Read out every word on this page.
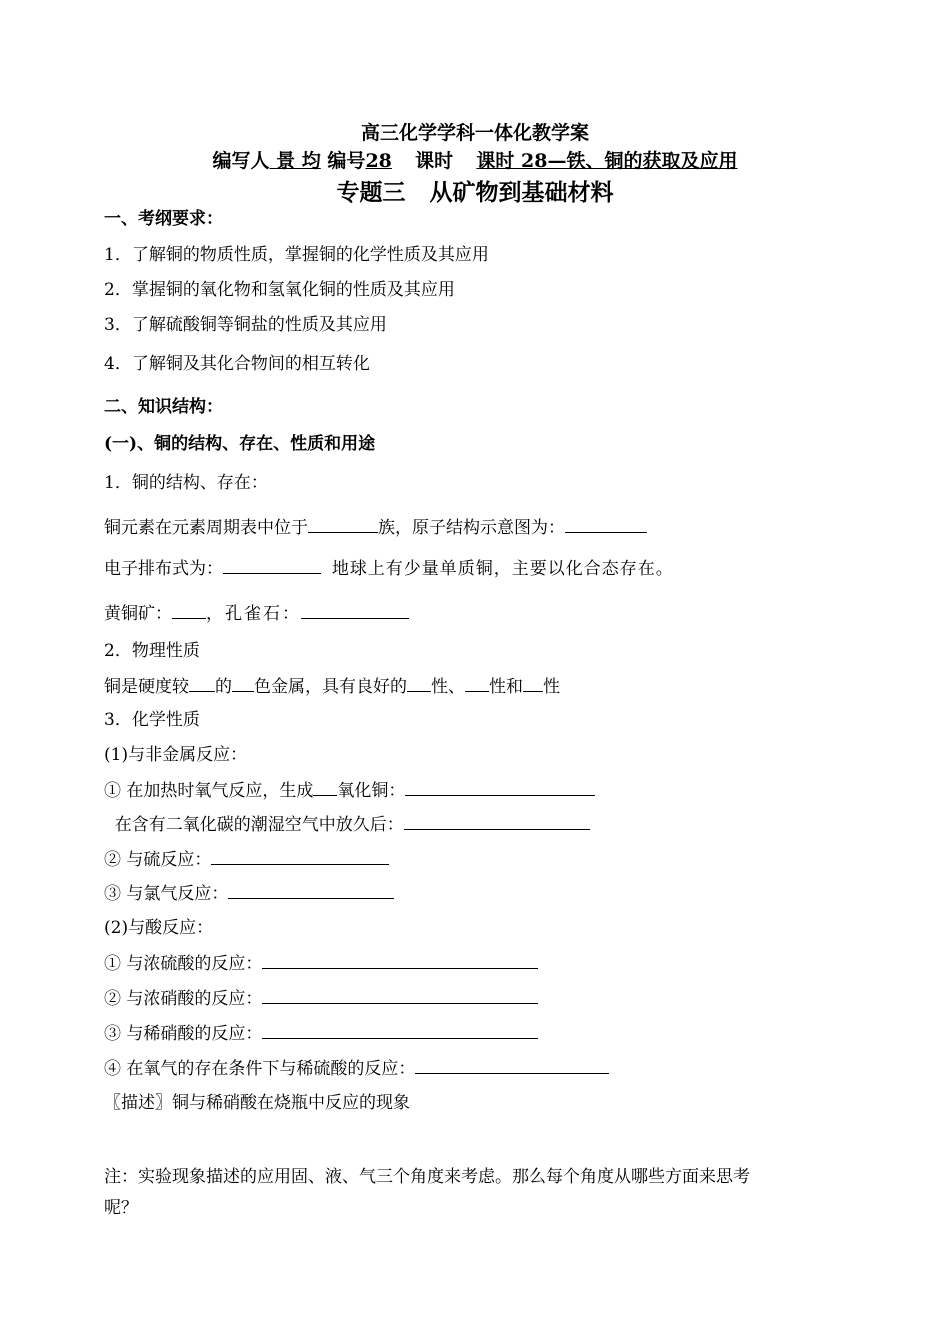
高三化学学科一体化教学案
编写人 景 均 编号28 课时 课时 28—铁、铜的获取及应用
专题三   从矿物到基础材料
一、考纲要求：
1．了解铜的物质性质，掌握铜的化学性质及其应用
2．掌握铜的氧化物和氢氧化铜的性质及其应用
3．了解硫酸铜等铜盐的性质及其应用
4．了解铜及其化合物间的相互转化
二、知识结构：
(一)、铜的结构、存在、性质和用途
1．铜的结构、存在：
铜元素在元素周期表中位于	族，原子结构示意图为：
电子排布式为：	地球上有少量单质铜，主要以化合态存在。
黄铜矿： ，孔雀石：
2．物理性质
铜是硬度较 的 色金属，具有良好的 性、 性和 性
3．化学性质
(1)与非金属反应：
① 在加热时氧气反应，生成 氧化铜：
在含有二氧化碳的潮湿空气中放久后：
② 与硫反应：
③ 与氯气反应：
(2)与酸反应：
① 与浓硫酸的反应：
② 与浓硝酸的反应：
③ 与稀硝酸的反应：
④ 在氧气的存在条件下与稀硫酸的反应：
〖描述〗铜与稀硝酸在烧瓶中反应的现象
注：实验现象描述的应用固、液、气三个角度来考虑。那么每个角度从哪些方面来思考
呢？
